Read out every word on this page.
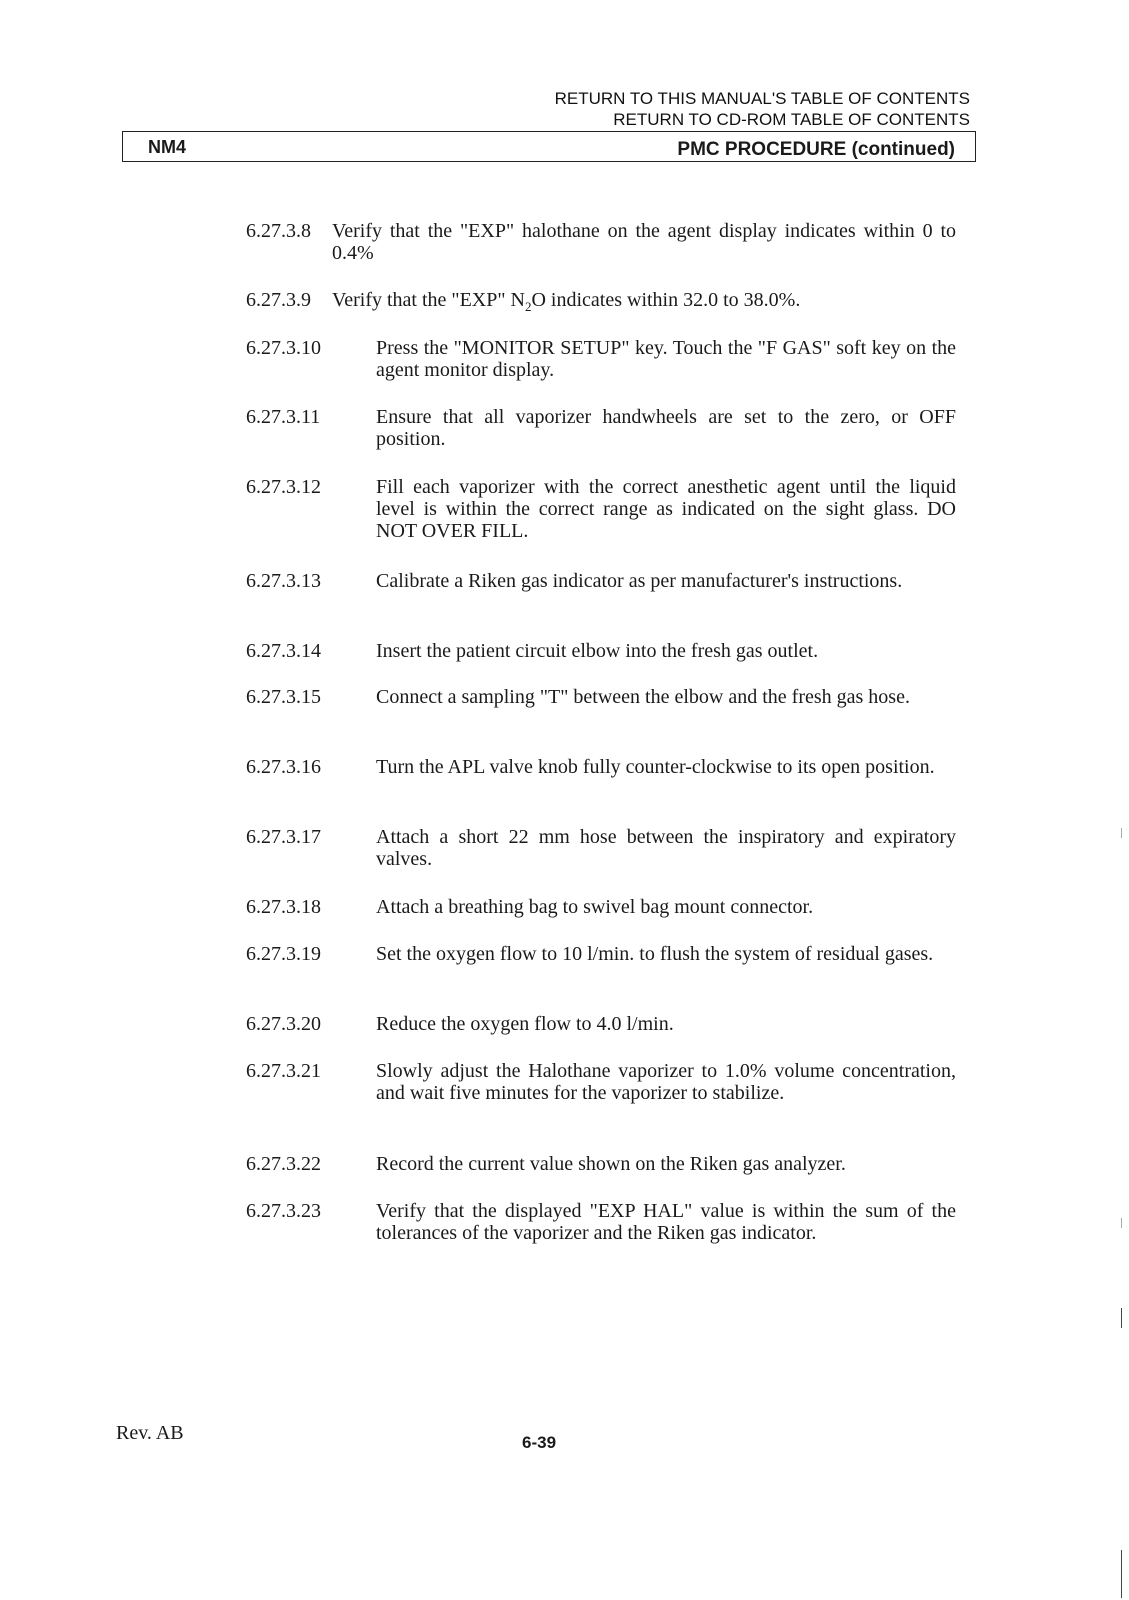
RETURN TO THIS MANUAL'S TABLE OF CONTENTS
RETURN TO CD-ROM TABLE OF CONTENTS
NM4	PMC PROCEDURE (continued)
6.27.3.8 Verify that the "EXP" halothane on the agent display indicates within 0 to 0.4%
6.27.3.9 Verify that the "EXP" $N_2O$ indicates within 32.0 to 38.0%.
6.27.3.10	Press the "MONITOR SETUP" key. Touch the "F GAS" soft key on the agent monitor display.
6.27.3.11	Ensure that all vaporizer handwheels are set to the zero, or OFF position.
6.27.3.12	Fill each vaporizer with the correct anesthetic agent until the liquid level is within the correct range as indicated on the sight glass. DO NOT OVER FILL.
6.27.3.13	Calibrate a Riken gas indicator as per manufacturer's instructions.
6.27.3.14	Insert the patient circuit elbow into the fresh gas outlet.
6.27.3.15	Connect a sampling "T" between the elbow and the fresh gas hose.
6.27.3.16	Turn the APL valve knob fully counter-clockwise to its open position.
6.27.3.17	Attach a short 22 mm hose between the inspiratory and expiratory valves.
6.27.3.18	Attach a breathing bag to swivel bag mount connector.
6.27.3.19	Set the oxygen flow to 10 l/min. to flush the system of residual gases.
6.27.3.20	Reduce the oxygen flow to 4.0 l/min.
6.27.3.21	Slowly adjust the Halothane vaporizer to 1.0% volume concentration, and wait five minutes for the vaporizer to stabilize.
6.27.3.22	Record the current value shown on the Riken gas analyzer.
6.27.3.23	Verify that the displayed "EXP HAL" value is within the sum of the tolerances of the vaporizer and the Riken gas indicator.
Rev. AB	6-39
